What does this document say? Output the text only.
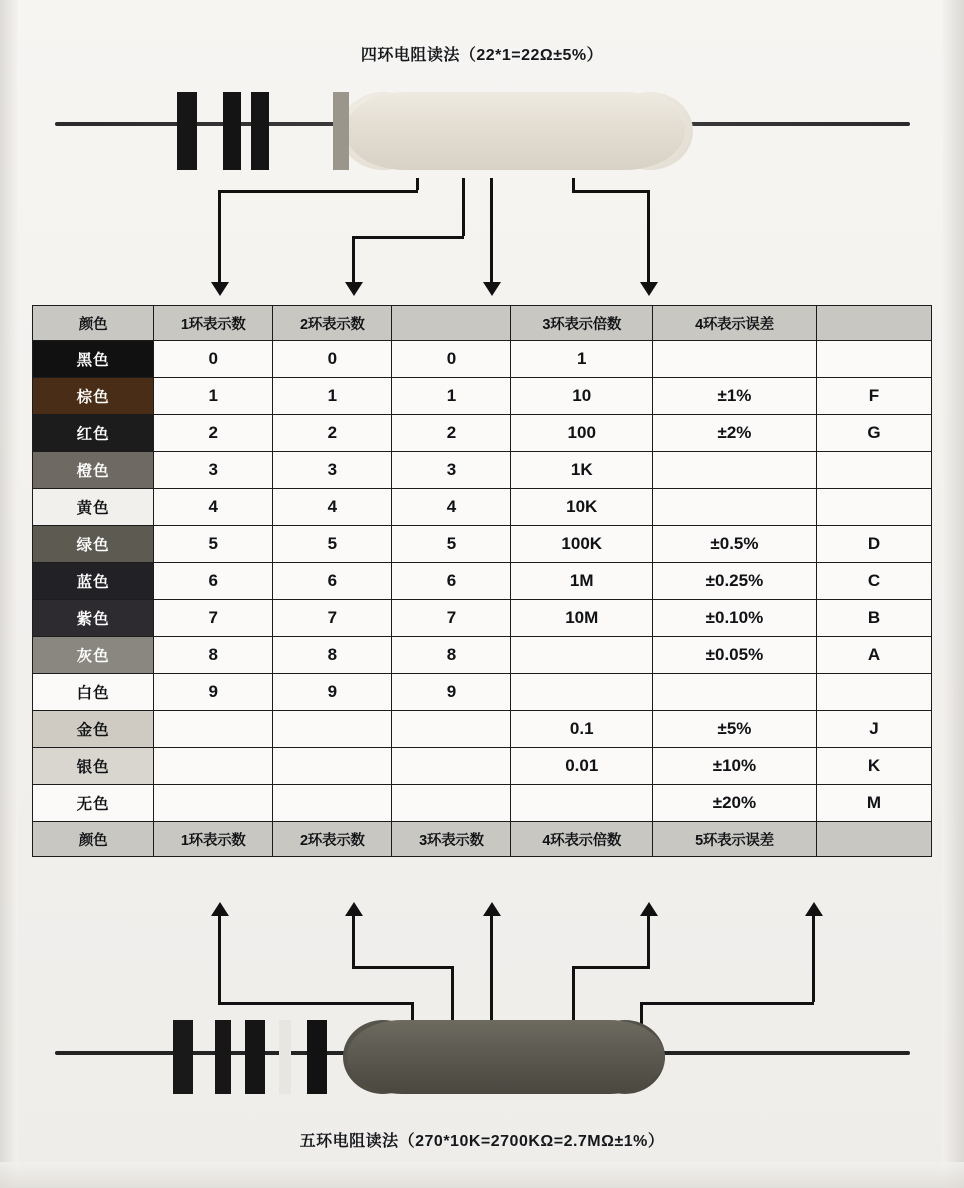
四环电阻读法（22*1=22Ω±5%）
颜色	1环表示数	2环表示数		3环表示倍数	4环表示误差	
黑色	0	0	0	1		
棕色	1	1	1	10	±1%	F
红色	2	2	2	100	±2%	G
橙色	3	3	3	1K		
黄色	4	4	4	10K		
绿色	5	5	5	100K	±0.5%	D
蓝色	6	6	6	1M	±0.25%	C
紫色	7	7	7	10M	±0.10%	B
灰色	8	8	8		±0.05%	A
白色	9	9	9			
金色				0.1	±5%	J
银色				0.01	±10%	K
无色					±20%	M
颜色	1环表示数	2环表示数	3环表示数	4环表示倍数	5环表示误差	
五环电阻读法（270*10K=2700KΩ=2.7MΩ±1%）
